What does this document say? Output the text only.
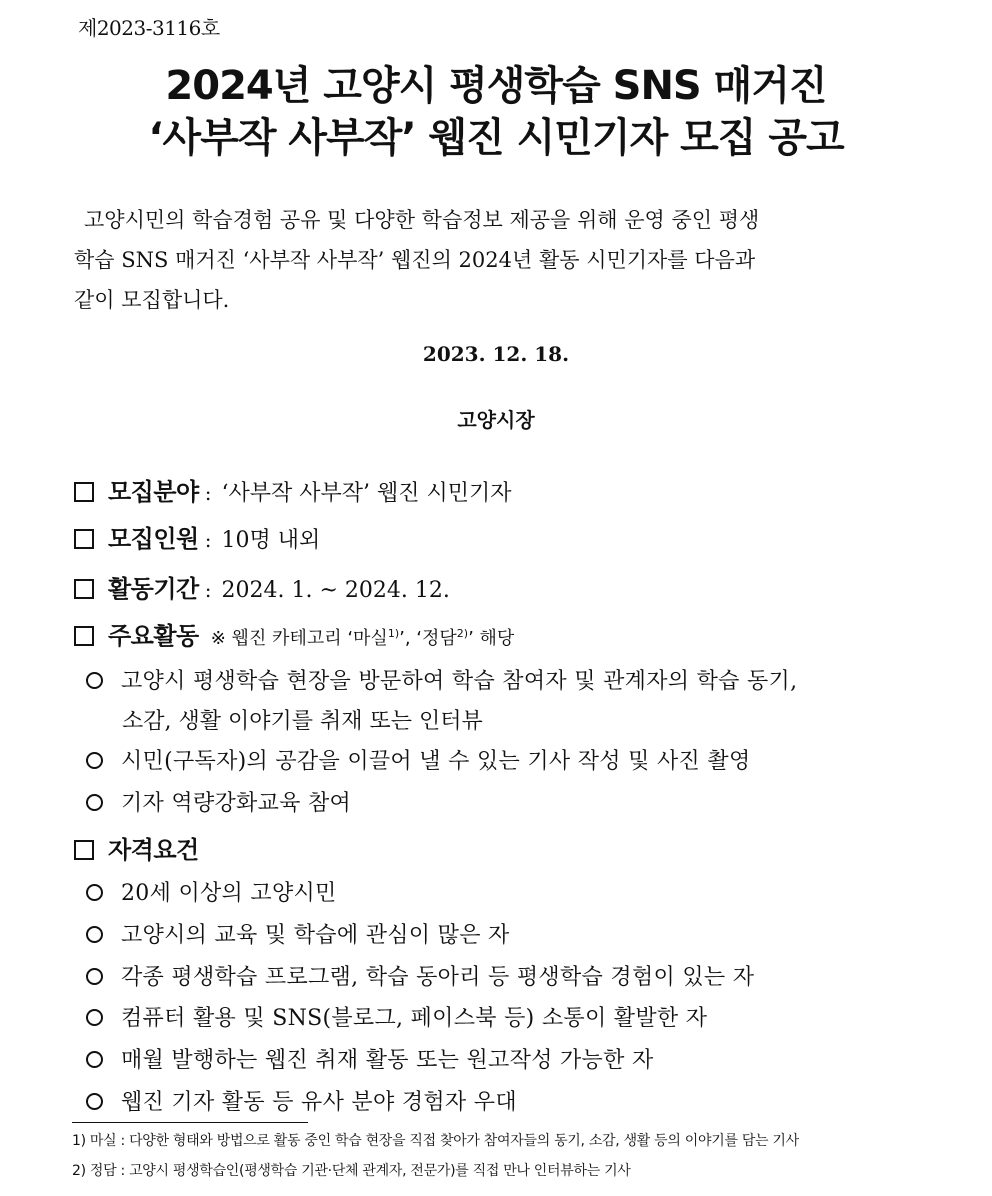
제2023-3116호
2024년 고양시 평생학습 SNS 매거진
‘사부작 사부작’ 웹진 시민기자 모집 공고
고양시민의 학습경험 공유 및 다양한 학습정보 제공을 위해 운영 중인 평생
학습 SNS 매거진 ‘사부작 사부작’ 웹진의 2024년 활동 시민기자를 다음과
같이 모집합니다.
2023. 12. 18.
고양시장
모집분야 : ‘사부작 사부작’ 웹진 시민기자
모집인원 : 10명 내외
활동기간 : 2024. 1. ~ 2024. 12.
주요활동 ※ 웹진 카테고리 ‘마실$^{1)}$’, ‘정담$^{2)}$’ 해당
고양시 평생학습 현장을 방문하여 학습 참여자 및 관계자의 학습 동기,
소감, 생활 이야기를 취재 또는 인터뷰
시민(구독자)의 공감을 이끌어 낼 수 있는 기사 작성 및 사진 촬영
기자 역량강화교육 참여
자격요건
20세 이상의 고양시민
고양시의 교육 및 학습에 관심이 많은 자
각종 평생학습 프로그램, 학습 동아리 등 평생학습 경험이 있는 자
컴퓨터 활용 및 SNS(블로그, 페이스북 등) 소통이 활발한 자
매월 발행하는 웹진 취재 활동 또는 원고작성 가능한 자
웹진 기자 활동 등 유사 분야 경험자 우대
1) 마실 : 다양한 형태와 방법으로 활동 중인 학습 현장을 직접 찾아가 참여자들의 동기, 소감, 생활 등의 이야기를 담는 기사
2) 정담 : 고양시 평생학습인(평생학습 기관·단체 관계자, 전문가)를 직접 만나 인터뷰하는 기사
